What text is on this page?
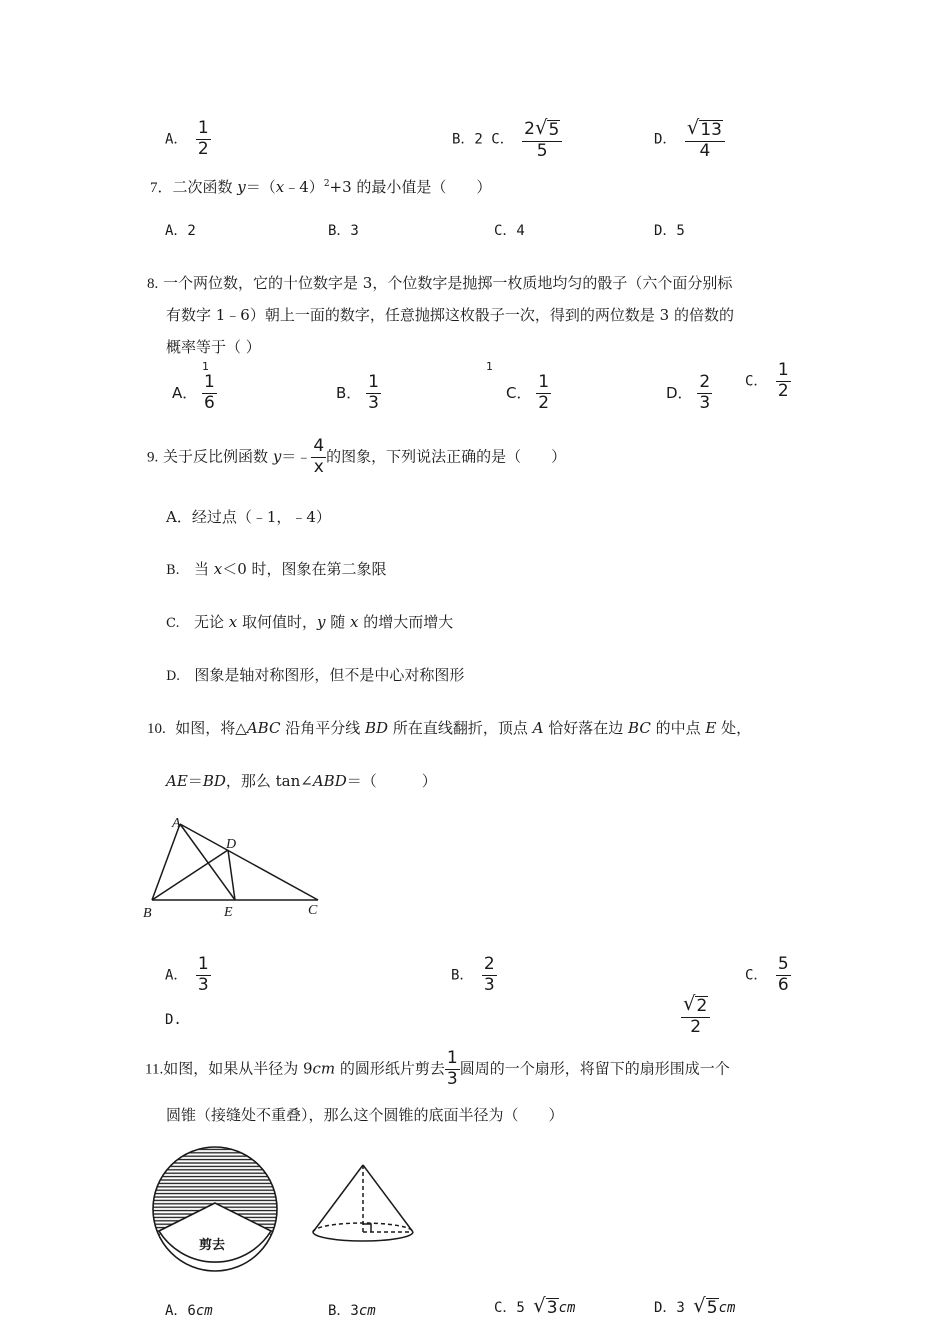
A． $\frac{1}{2}$	B．2 C． $\frac{2 √ 5}{5}$	D． $\frac{√ 13}{4}$
7．二次函数 y＝（x﹣4）$^2$+3 的最小值是（　　）
A．2	B．3	C．4	D．5
8. 一个两位数，它的十位数字是 3，个位数字是抛掷一枚质地均匀的骰子（六个面分别标
有数字 1﹣6）朝上一面的数字，任意抛掷这枚骰子一次，得到的两位数是 3 的倍数的
概率等于（ ）
1	1
A． $\frac{1}{6}$	B． $\frac{1}{3}$	C． $\frac{1}{2}$	D． $\frac{2}{3}$ C． $\frac{1}{2}$
9. 关于反比例函数 y＝﹣ $\frac{4}{x}$ 的图象，下列说法正确的是（　　）
A．经过点（﹣1，﹣4）
B. 当 x＜0 时，图象在第二象限
C. 无论 x 取何值时，y 随 x 的增大而增大
D. 图象是轴对称图形，但不是中心对称图形
10. 如图，将△ABC 沿角平分线 BD 所在直线翻折，顶点 A 恰好落在边 BC 的中点 E 处，
AE＝BD，那么 tan∠ABD＝（　　　）
A
B	C
D
E
A． $\frac{1}{3}$	B． $\frac{2}{3}$	C． $\frac{5}{6}$
D.	$\frac{√ 2}{2}$
11.如图，如果从半径为 9cm 的圆形纸片剪去 $\frac{1}{3}$ 圆周的一个扇形，将留下的扇形围成一个
圆锥（接缝处不重叠），那么这个圆锥的底面半径为（　　）
剪去
A．6cm	B．3cm	C．5 √ 3 cm	D．3 √ 5 cm
